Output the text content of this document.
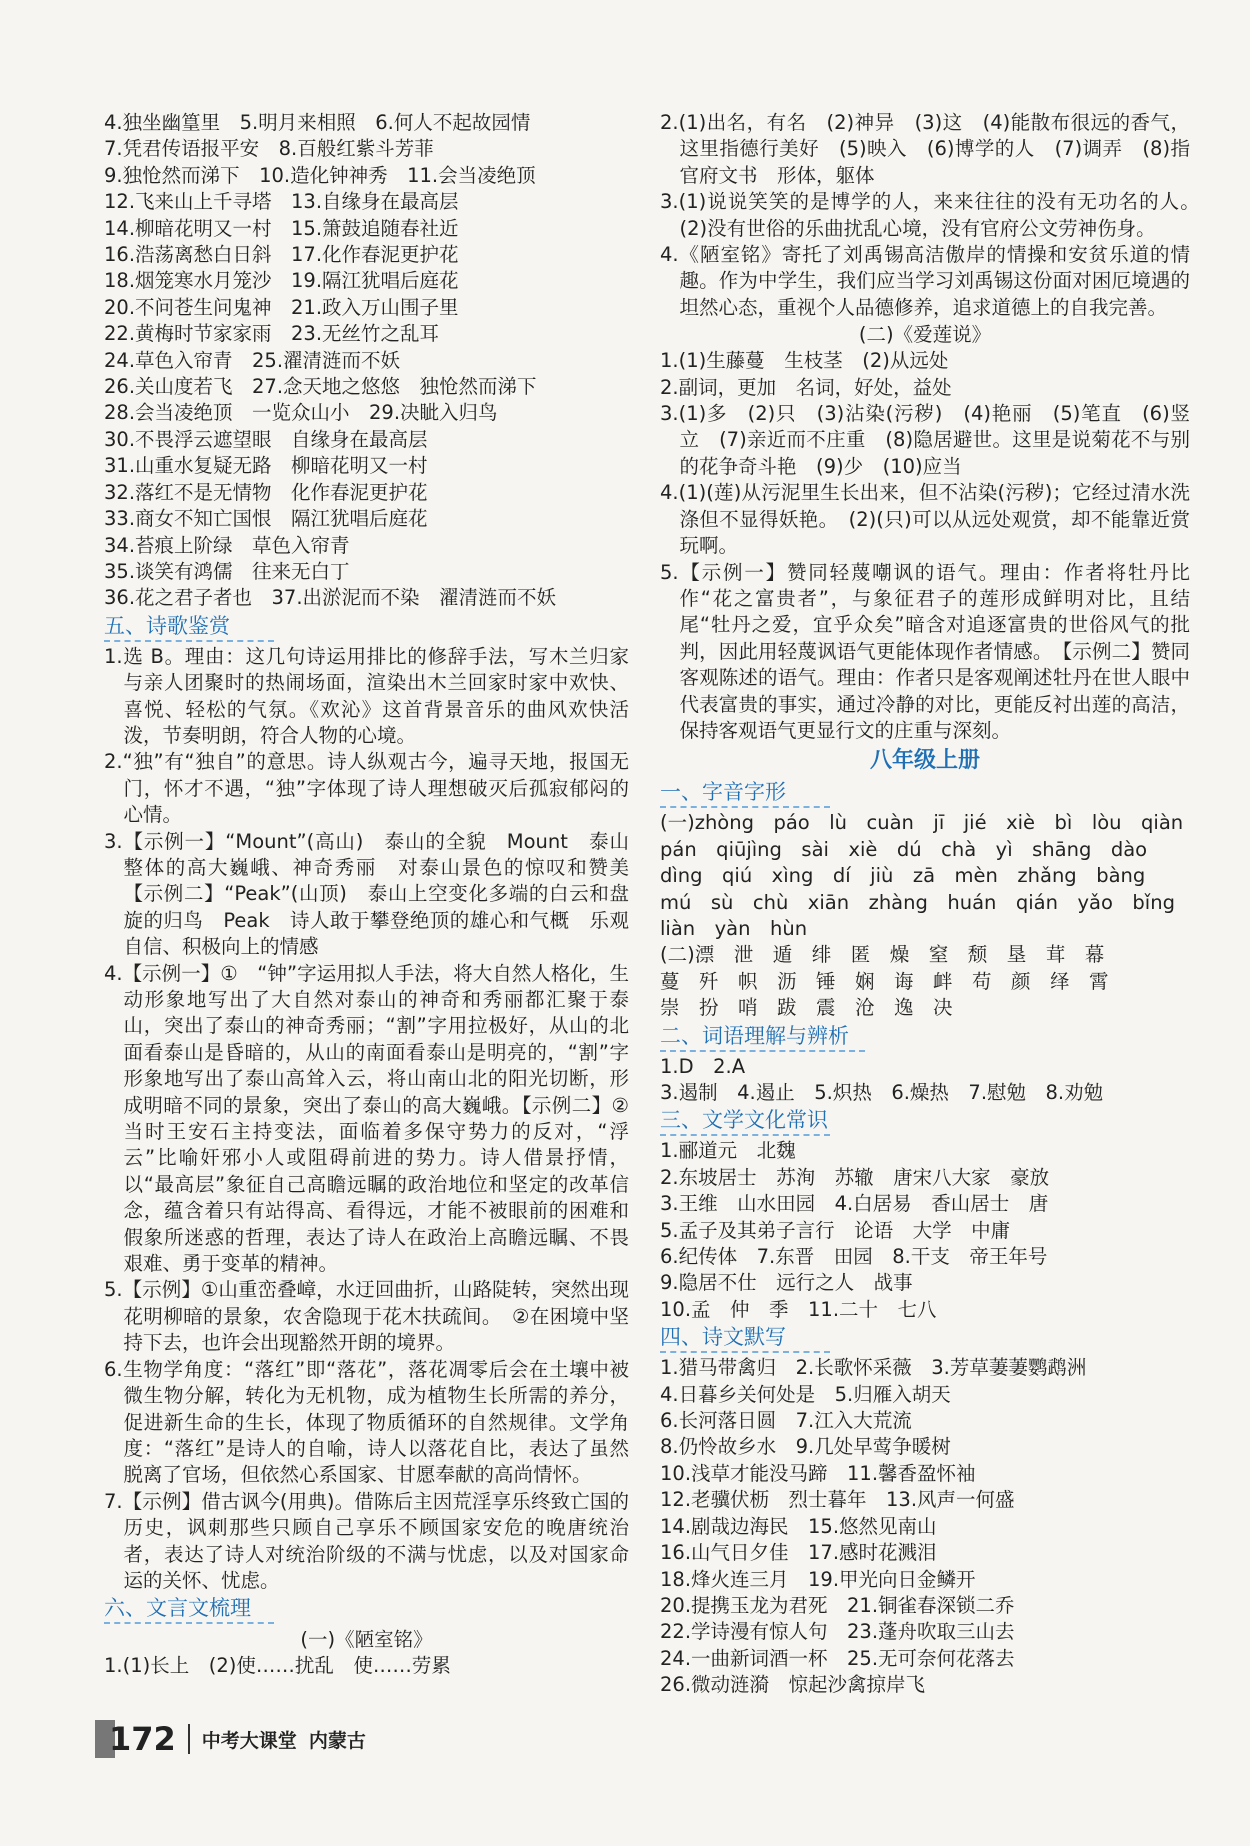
4.独坐幽篁里　5.明月来相照　6.何人不起故园情
7.凭君传语报平安　8.百般红紫斗芳菲
9.独怆然而涕下　10.造化钟神秀　11.会当凌绝顶
12.飞来山上千寻塔　13.自缘身在最高层
14.柳暗花明又一村　15.箫鼓追随春社近
16.浩荡离愁白日斜　17.化作春泥更护花
18.烟笼寒水月笼沙　19.隔江犹唱后庭花
20.不问苍生问鬼神　21.政入万山围子里
22.黄梅时节家家雨　23.无丝竹之乱耳
24.草色入帘青　25.濯清涟而不妖
26.关山度若飞　27.念天地之悠悠　独怆然而涕下
28.会当凌绝顶　一览众山小　29.决眦入归鸟
30.不畏浮云遮望眼　自缘身在最高层
31.山重水复疑无路　柳暗花明又一村
32.落红不是无情物　化作春泥更护花
33.商女不知亡国恨　隔江犹唱后庭花
34.苔痕上阶绿　草色入帘青
35.谈笑有鸿儒　往来无白丁
36.花之君子者也　37.出淤泥而不染　濯清涟而不妖
五、诗歌鉴赏
1.选 B。理由：这几句诗运用排比的修辞手法，写木兰归家与亲人团聚时的热闹场面，渲染出木兰回家时家中欢快、喜悦、轻松的气氛。《欢沁》这首背景音乐的曲风欢快活泼，节奏明朗，符合人物的心境。
2.“独”有“独自”的意思。诗人纵观古今，遍寻天地，报国无门，怀才不遇，“独”字体现了诗人理想破灭后孤寂郁闷的心情。
3.【示例一】“Mount”(高山)　泰山的全貌　Mount　泰山整体的高大巍峨、神奇秀丽　对泰山景色的惊叹和赞美【示例二】“Peak”(山顶)　泰山上空变化多端的白云和盘旋的归鸟　Peak　诗人敢于攀登绝顶的雄心和气概　乐观自信、积极向上的情感
4.【示例一】①　“钟”字运用拟人手法，将大自然人格化，生动形象地写出了大自然对泰山的神奇和秀丽都汇聚于泰山，突出了泰山的神奇秀丽；“割”字用拉极好，从山的北面看泰山是昏暗的，从山的南面看泰山是明亮的，“割”字形象地写出了泰山高耸入云，将山南山北的阳光切断，形成明暗不同的景象，突出了泰山的高大巍峨。【示例二】②　当时王安石主持变法，面临着多保守势力的反对，“浮云”比喻奸邪小人或阻碍前进的势力。诗人借景抒情，以“最高层”象征自己高瞻远瞩的政治地位和坚定的改革信念，蕴含着只有站得高、看得远，才能不被眼前的困难和假象所迷惑的哲理，表达了诗人在政治上高瞻远瞩、不畏艰难、勇于变革的精神。
5.【示例】①山重峦叠嶂，水迂回曲折，山路陡转，突然出现花明柳暗的景象，农舍隐现于花木扶疏间。　②在困境中坚持下去，也许会出现豁然开朗的境界。
6.生物学角度：“落红”即“落花”，落花凋零后会在土壤中被微生物分解，转化为无机物，成为植物生长所需的养分，促进新生命的生长，体现了物质循环的自然规律。文学角度：“落红”是诗人的自喻，诗人以落花自比，表达了虽然脱离了官场，但依然心系国家、甘愿奉献的高尚情怀。
7.【示例】借古讽今(用典)。借陈后主因荒淫享乐终致亡国的历史，讽刺那些只顾自己享乐不顾国家安危的晚唐统治者，表达了诗人对统治阶级的不满与忧虑，以及对国家命运的关怀、忧虑。
六、文言文梳理
(一)《陋室铭》
1.(1)长上　(2)使……扰乱　使……劳累
2.(1)出名，有名　(2)神异　(3)这　(4)能散布很远的香气，这里指德行美好　(5)映入　(6)博学的人　(7)调弄　(8)指官府文书　形体，躯体
3.(1)说说笑笑的是博学的人，来来往往的没有无功名的人。　(2)没有世俗的乐曲扰乱心境，没有官府公文劳神伤身。
4.《陋室铭》寄托了刘禹锡高洁傲岸的情操和安贫乐道的情趣。作为中学生，我们应当学习刘禹锡这份面对困厄境遇的坦然心态，重视个人品德修养，追求道德上的自我完善。
(二)《爱莲说》
1.(1)生藤蔓　生枝茎　(2)从远处
2.副词，更加　名词，好处，益处
3.(1)多　(2)只　(3)沾染(污秽)　(4)艳丽　(5)笔直　(6)竖立　(7)亲近而不庄重　(8)隐居避世。这里是说菊花不与别的花争奇斗艳　(9)少　(10)应当
4.(1)(莲)从污泥里生长出来，但不沾染(污秽)；它经过清水洗涤但不显得妖艳。　(2)(只)可以从远处观赏，却不能靠近赏玩啊。
5.【示例一】赞同轻蔑嘲讽的语气。理由：作者将牡丹比作“花之富贵者”，与象征君子的莲形成鲜明对比，且结尾“牡丹之爱，宜乎众矣”暗含对追逐富贵的世俗风气的批判，因此用轻蔑讽语气更能体现作者情感。　【示例二】赞同客观陈述的语气。理由：作者只是客观阐述牡丹在世人眼中代表富贵的事实，通过冷静的对比，更能反衬出莲的高洁，保持客观语气更显行文的庄重与深刻。
八年级上册
一、字音字形
(一)zhòng　páo　lù　cuàn　jī　jié　xiè　bì　lòu　qiàn
pán　qiūjìng　sài　xiè　dú　chà　yì　shāng　dào
dìng　qiú　xìng　dí　jiù　zā　mèn　zhǎng　bàng
mú　sù　chù　xiān　zhàng　huán　qián　yǎo　bǐng
liàn　yàn　hùn
(二)漂　泄　遁　绯　匿　燥　窒　颓　垦　茸　幕
蔓　歼　帜　沥　锤　娴　诲　衅　苟　颜　绎　霄
崇　扮　哨　跋　震　沧　逸　决
二、词语理解与辨析
1.D　2.A
3.遏制　4.遏止　5.炽热　6.燥热　7.慰勉　8.劝勉
三、文学文化常识
1.郦道元　北魏
2.东坡居士　苏洵　苏辙　唐宋八大家　豪放
3.王维　山水田园　4.白居易　香山居士　唐
5.孟子及其弟子言行　论语　大学　中庸
6.纪传体　7.东晋　田园　8.干支　帝王年号
9.隐居不仕　远行之人　战事
10.孟　仲　季　11.二十　七八
四、诗文默写
1.猎马带禽归　2.长歌怀采薇　3.芳草萋萋鹦鹉洲
4.日暮乡关何处是　5.归雁入胡天
6.长河落日圆　7.江入大荒流
8.仍怜故乡水　9.几处早莺争暖树
10.浅草才能没马蹄　11.馨香盈怀袖
12.老骥伏枥　烈士暮年　13.风声一何盛
14.剧哉边海民　15.悠然见南山
16.山气日夕佳　17.感时花溅泪
18.烽火连三月　19.甲光向日金鳞开
20.提携玉龙为君死　21.铜雀春深锁二乔
22.学诗漫有惊人句　23.蓬舟吹取三山去
24.一曲新词酒一杯　25.无可奈何花落去
26.微动涟漪　惊起沙禽掠岸飞
172 中考大课堂 内蒙古
